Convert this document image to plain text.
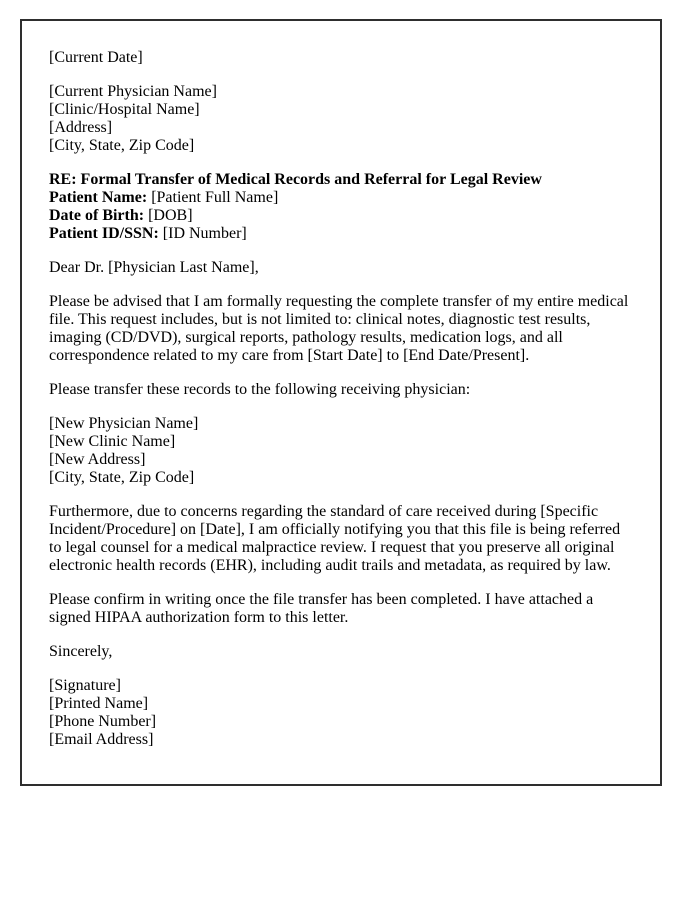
[Current Date]
[Current Physician Name]
[Clinic/Hospital Name]
[Address]
[City, State, Zip Code]
RE: Formal Transfer of Medical Records and Referral for Legal Review
Patient Name: [Patient Full Name]
Date of Birth: [DOB]
Patient ID/SSN: [ID Number]
Dear Dr. [Physician Last Name],
Please be advised that I am formally requesting the complete transfer of my entire medical file. This request includes, but is not limited to: clinical notes, diagnostic test results, imaging (CD/DVD), surgical reports, pathology results, medication logs, and all correspondence related to my care from [Start Date] to [End Date/Present].
Please transfer these records to the following receiving physician:
[New Physician Name]
[New Clinic Name]
[New Address]
[City, State, Zip Code]
Furthermore, due to concerns regarding the standard of care received during [Specific Incident/Procedure] on [Date], I am officially notifying you that this file is being referred to legal counsel for a medical malpractice review. I request that you preserve all original electronic health records (EHR), including audit trails and metadata, as required by law.
Please confirm in writing once the file transfer has been completed. I have attached a signed HIPAA authorization form to this letter.
Sincerely,
[Signature]
[Printed Name]
[Phone Number]
[Email Address]
